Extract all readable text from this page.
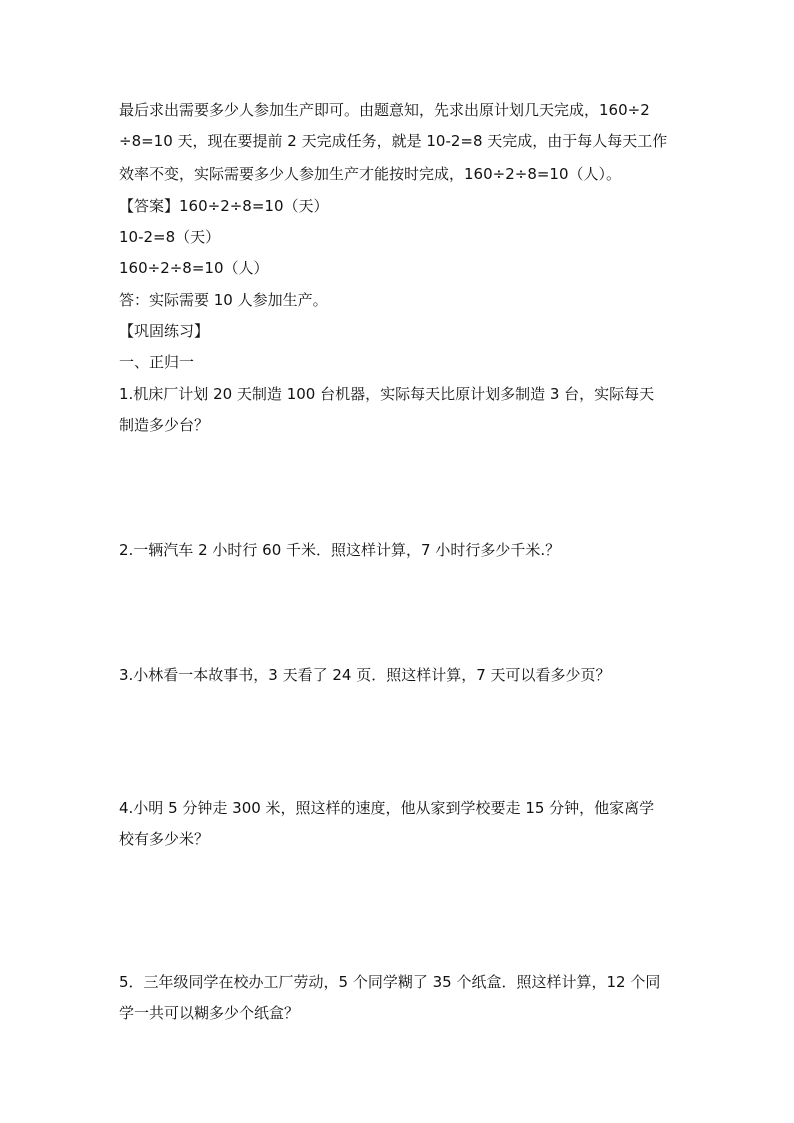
最后求出需要多少人参加生产即可。由题意知，先求出原计划几天完成，160÷2
÷8=10 天，现在要提前 2 天完成任务，就是 10-2=8 天完成，由于每人每天工作
效率不变，实际需要多少人参加生产才能按时完成，160÷2÷8=10（人）。
【答案】160÷2÷8=10（天）
10-2=8（天）
160÷2÷8=10（人）
答：实际需要 10 人参加生产。
【巩固练习】
一、正归一
1.机床厂计划 20 天制造 100 台机器，实际每天比原计划多制造 3 台，实际每天
制造多少台？
2.一辆汽车 2 小时行 60 千米．照这样计算，7 小时行多少千米.？
3.小林看一本故事书，3 天看了 24 页．照这样计算，7 天可以看多少页？
4.小明 5 分钟走 300 米，照这样的速度，他从家到学校要走 15 分钟，他家离学
校有多少米？
5．三年级同学在校办工厂劳动，5 个同学糊了 35 个纸盒．照这样计算，12 个同
学一共可以糊多少个纸盒？
